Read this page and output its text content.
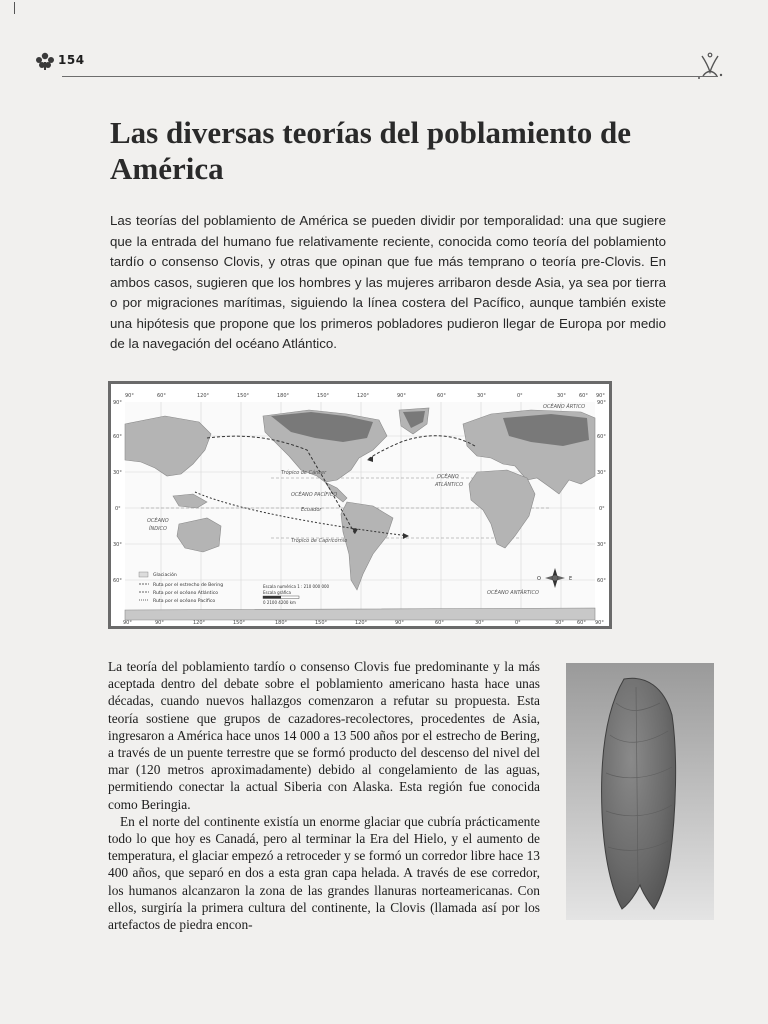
154
Las diversas teorías del poblamiento de América

Las teorías del poblamiento de América se pueden dividir por temporalidad: una que sugiere que la entrada del humano fue relativamente reciente, conocida como teoría del poblamiento tardío o consenso Clovis, y otras que opinan que fue más temprano o teoría pre-Clovis. En ambos casos, sugieren que los hombres y las mujeres arribaron desde Asia, ya sea por tierra o por migraciones marítimas, siguiendo la línea costera del Pacífico, aunque también existe una hipótesis que propone que los primeros pobladores pudieron llegar de Europa por medio de la navegación del océano Atlántico.

90°	60°	120°	150°	180°	150°	120°	90°	60°	30°	0°	30°	60° 90°
90°	90°	120°	150°	180°	150°	120°	90°	60°	30°	0°	30°	60° 90°
90°
60°
30°
0°
30°
60°
90°
60°
30°
0°
30°
60°
Trópico de Cáncer
Trópico de Capricornio
OCÉANO PACÍFICO
Ecuador
OCÉANO
ATLÁNTICO
OCÉANO
ÍNDICO
OCÉANO ÁRTICO
OCÉANO ANTÁRTICO
Glaciación
Ruta por el estrecho de Bering
Ruta por el océano Atlántico
Ruta por el océano Pacífico
Escala numérica 1 : 210 000 000
Escala gráfica
0 2100 4200 km
O	E

La teoría del poblamiento tardío o consenso Clovis fue predominante y la más aceptada dentro del debate sobre el poblamiento americano hasta hace unas décadas, cuando nuevos hallazgos comenzaron a refutar su propuesta. Esta teoría sostiene que grupos de cazadores-recolectores, procedentes de Asia, ingresaron a América hace unos 14 000 a 13 500 años por el estrecho de Bering, a través de un puente terrestre que se formó producto del descenso del nivel del mar (120 metros aproximadamente) debido al congelamiento de las aguas, permitiendo conectar la actual Siberia con Alaska. Esta región fue conocida como Beringia.

En el norte del continente existía un enorme glaciar que cubría prácticamente todo lo que hoy es Canadá, pero al terminar la Era del Hielo, y el aumento de temperatura, el glaciar empezó a retroceder y se formó un corredor libre hace 13 400 años, que separó en dos a esta gran capa helada. A través de ese corredor, los humanos alcanzaron la zona de las grandes llanuras norteamericanas. Con ellos, surgiría la primera cultura del continente, la Clovis (llamada así por los artefactos de piedra encon-
